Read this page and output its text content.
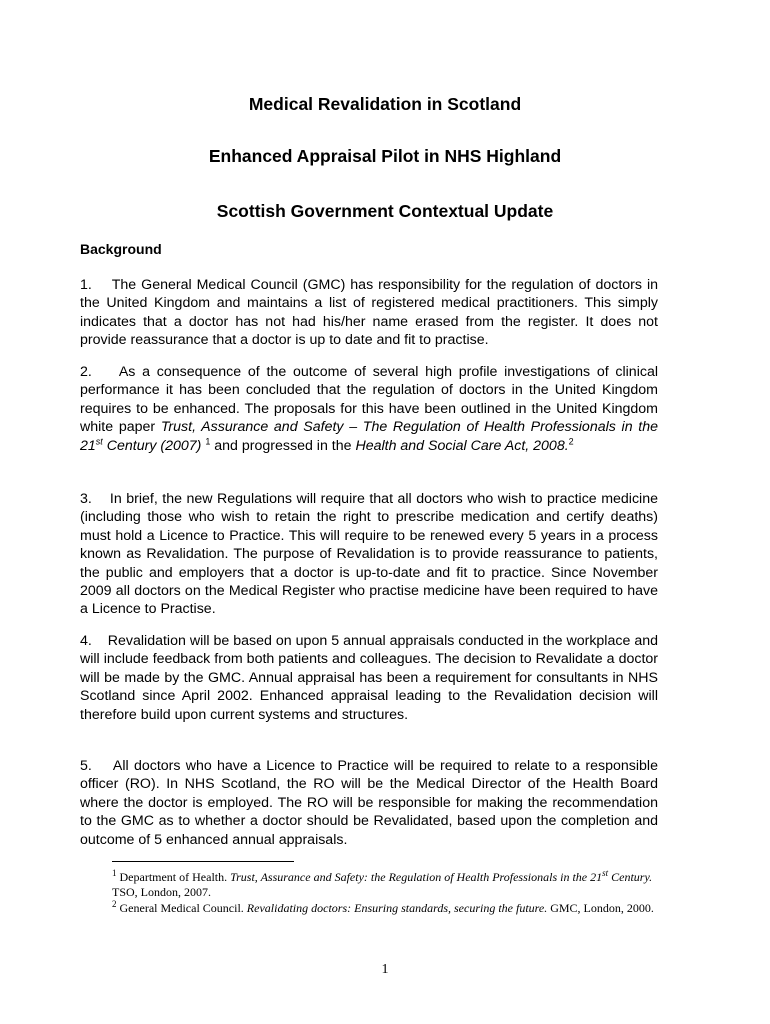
Medical Revalidation in Scotland
Enhanced Appraisal Pilot in NHS Highland
Scottish Government Contextual Update
Background
1. The General Medical Council (GMC) has responsibility for the regulation of doctors in the United Kingdom and maintains a list of registered medical practitioners. This simply indicates that a doctor has not had his/her name erased from the register. It does not provide reassurance that a doctor is up to date and fit to practise.
2. As a consequence of the outcome of several high profile investigations of clinical performance it has been concluded that the regulation of doctors in the United Kingdom requires to be enhanced. The proposals for this have been outlined in the United Kingdom white paper Trust, Assurance and Safety – The Regulation of Health Professionals in the 21st Century (2007) $^1$ and progressed in the Health and Social Care Act, 2008.$^2$
3. In brief, the new Regulations will require that all doctors who wish to practice medicine (including those who wish to retain the right to prescribe medication and certify deaths) must hold a Licence to Practice. This will require to be renewed every 5 years in a process known as Revalidation. The purpose of Revalidation is to provide reassurance to patients, the public and employers that a doctor is up-to-date and fit to practice. Since November 2009 all doctors on the Medical Register who practise medicine have been required to have a Licence to Practise.
4. Revalidation will be based on upon 5 annual appraisals conducted in the workplace and will include feedback from both patients and colleagues. The decision to Revalidate a doctor will be made by the GMC. Annual appraisal has been a requirement for consultants in NHS Scotland since April 2002. Enhanced appraisal leading to the Revalidation decision will therefore build upon current systems and structures.
5. All doctors who have a Licence to Practice will be required to relate to a responsible officer (RO). In NHS Scotland, the RO will be the Medical Director of the Health Board where the doctor is employed. The RO will be responsible for making the recommendation to the GMC as to whether a doctor should be Revalidated, based upon the completion and outcome of 5 enhanced annual appraisals.

$^1$ Department of Health. Trust, Assurance and Safety: the Regulation of Health Professionals in the 21st Century. TSO, London, 2007.

$^2$ General Medical Council. Revalidating doctors: Ensuring standards, securing the future. GMC, London, 2000.

1
